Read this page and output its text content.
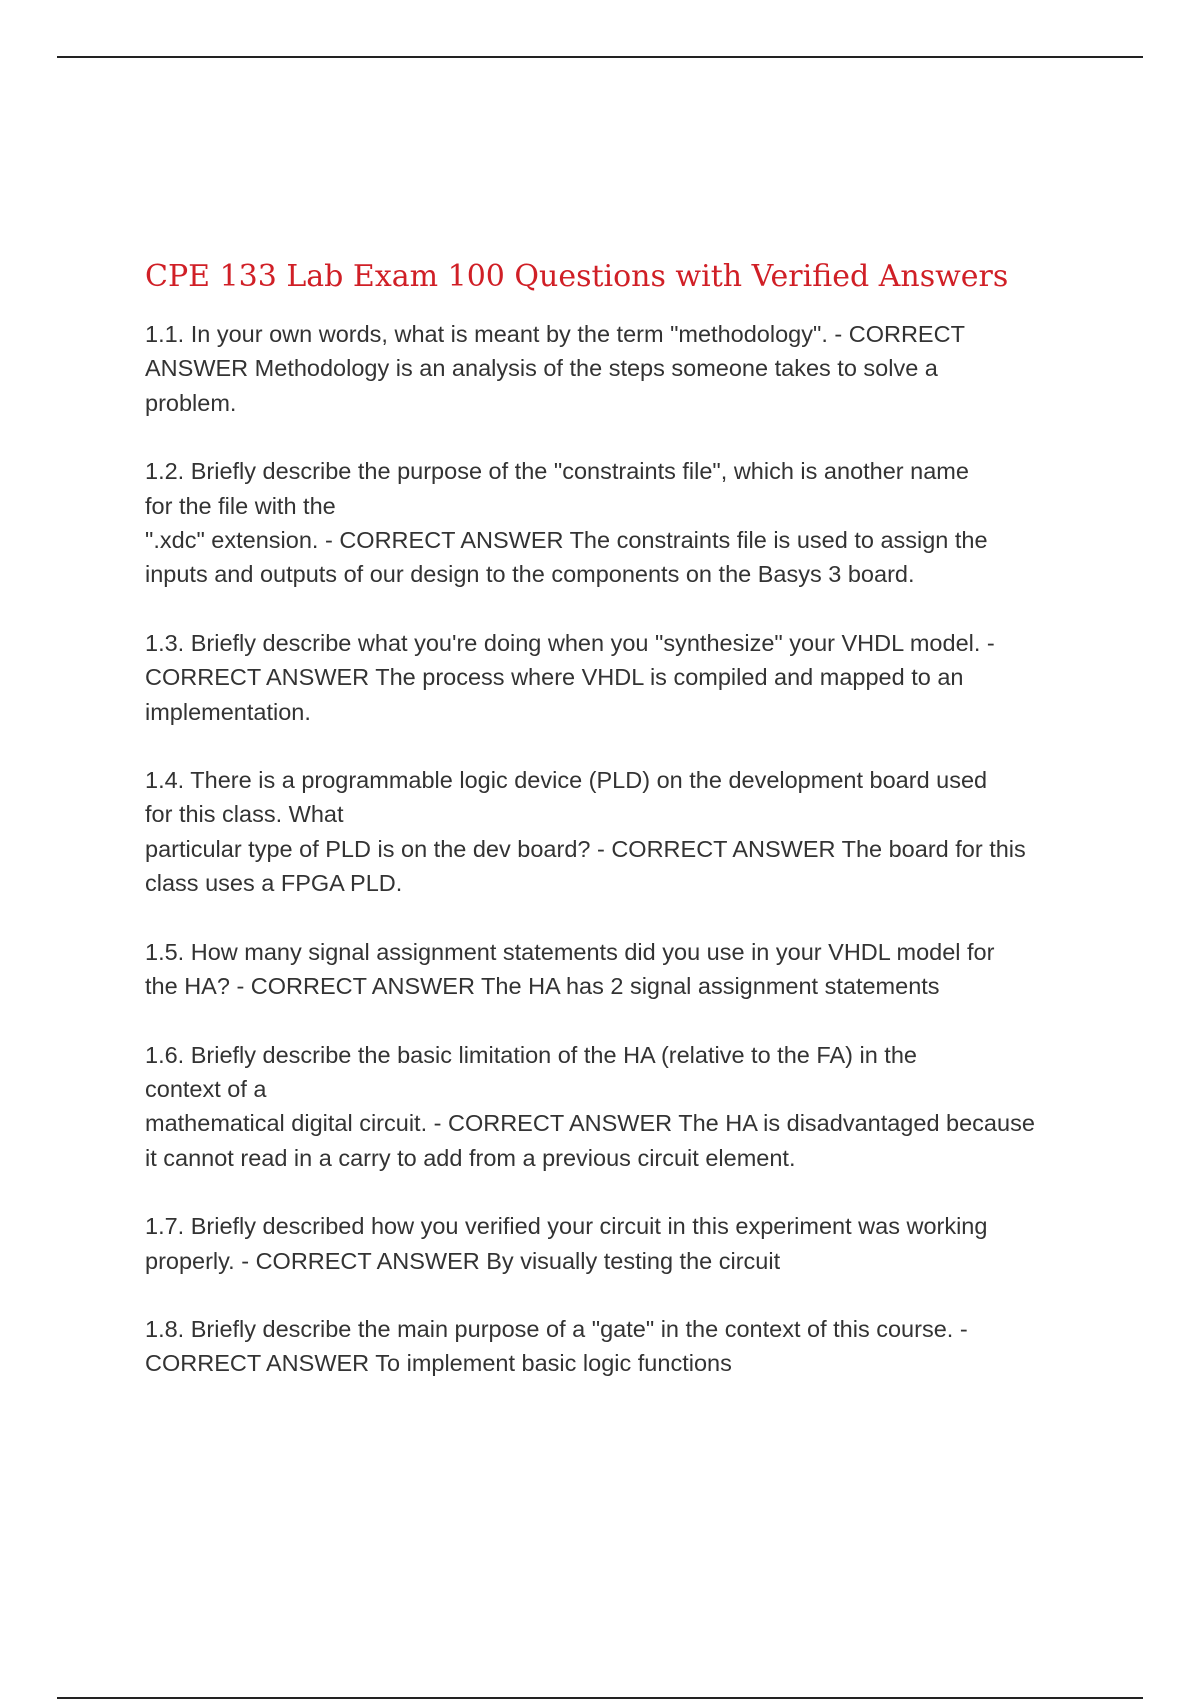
CPE 133 Lab Exam 100 Questions with Verified Answers
1.1. In your own words, what is meant by the term "methodology". - CORRECT
ANSWER Methodology is an analysis of the steps someone takes to solve a
problem.
1.2. Briefly describe the purpose of the "constraints file", which is another name
for the file with the
".xdc" extension. - CORRECT ANSWER The constraints file is used to assign the
inputs and outputs of our design to the components on the Basys 3 board.
1.3. Briefly describe what you're doing when you "synthesize" your VHDL model. -
CORRECT ANSWER The process where VHDL is compiled and mapped to an
implementation.
1.4. There is a programmable logic device (PLD) on the development board used
for this class. What
particular type of PLD is on the dev board? - CORRECT ANSWER The board for this
class uses a FPGA PLD.
1.5. How many signal assignment statements did you use in your VHDL model for
the HA? - CORRECT ANSWER The HA has 2 signal assignment statements
1.6. Briefly describe the basic limitation of the HA (relative to the FA) in the
context of a
mathematical digital circuit. - CORRECT ANSWER The HA is disadvantaged because
it cannot read in a carry to add from a previous circuit element.
1.7. Briefly described how you verified your circuit in this experiment was working
properly. - CORRECT ANSWER By visually testing the circuit
1.8. Briefly describe the main purpose of a "gate" in the context of this course. -
CORRECT ANSWER To implement basic logic functions
